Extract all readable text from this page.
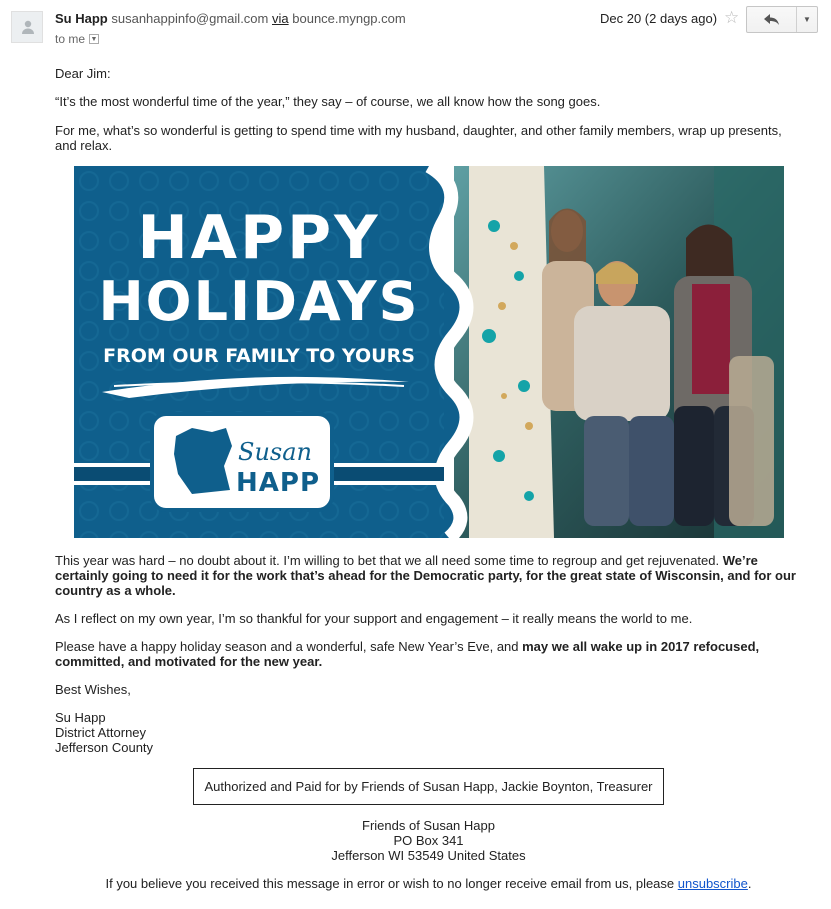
Su Happ susanhappinfo@gmail.com via bounce.myngp.com
to me ▼
Dec 20 (2 days ago) ☆	▼

Dear Jim:

“It’s the most wonderful time of the year,” they say – of course, we all know how the song goes.

For me, what’s so wonderful is getting to spend time with my husband, daughter, and other family members, wrap up presents, and relax.

This year was hard – no doubt about it. I’m willing to bet that we all need some time to regroup and get rejuvenated. We’re certainly going to need it for the work that’s ahead for the Democratic party, for the great state of Wisconsin, and for our country as a whole.

As I reflect on my own year, I’m so thankful for your support and engagement – it really means the world to me.

Please have a happy holiday season and a wonderful, safe New Year’s Eve, and may we all wake up in 2017 refocused, committed, and motivated for the new year.

Best Wishes,

Su Happ
District Attorney
Jefferson County
HAPPY
HOLIDAYS
FROM OUR FAMILY TO YOURS
Susan
HAPP
Authorized and Paid for by Friends of Susan Happ, Jackie Boynton, Treasurer
Friends of Susan Happ
PO Box 341
Jefferson WI 53549 United States
If you believe you received this message in error or wish to no longer receive email from us, please unsubscribe.
